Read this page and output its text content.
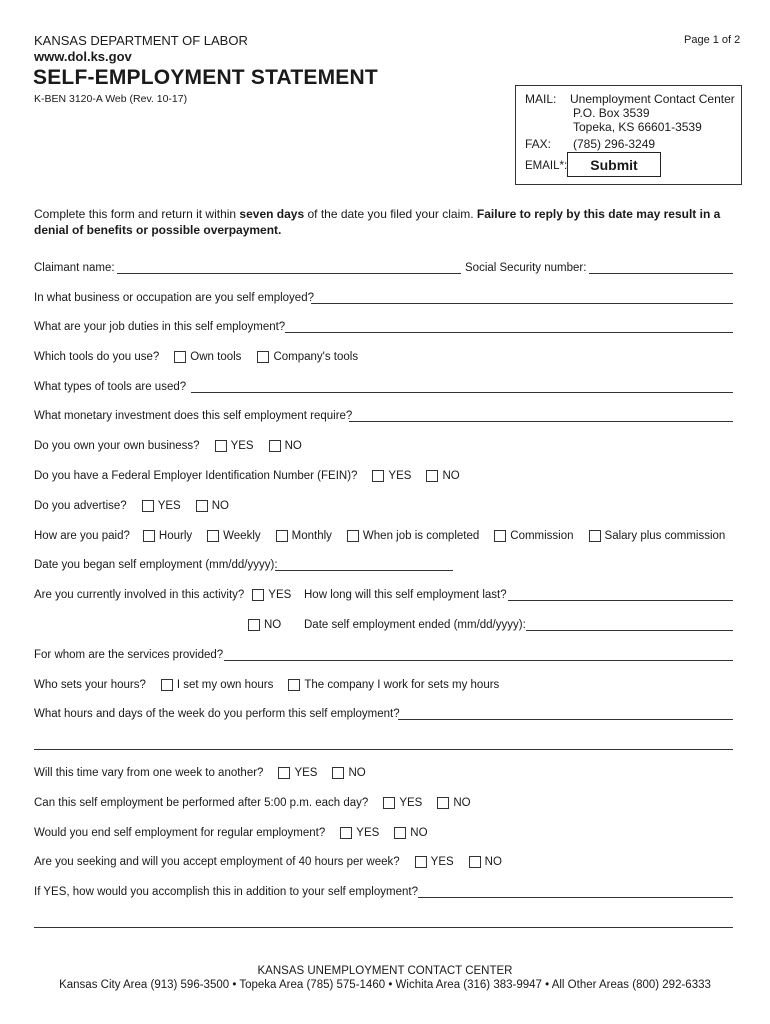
KANSAS DEPARTMENT OF LABOR
www.dol.ks.gov
SELF-EMPLOYMENT STATEMENT
K-BEN 3120-A Web (Rev. 10-17)
Page 1 of 2
MAIL: Unemployment Contact Center
P.O. Box 3539
Topeka, KS 66601-3539
FAX: (785) 296-3249
EMAIL*:	Submit
Complete this form and return it within seven days of the date you filed your claim. Failure to reply by this date may result in a denial of benefits or possible overpayment.
Claimant name:	Social Security number:
In what business or occupation are you self employed?
What are your job duties in this self employment?
Which tools do you use?	Own tools	Company's tools
What types of tools are used?
What monetary investment does this self employment require?
Do you own your own business?	YES	NO
Do you have a Federal Employer Identification Number (FEIN)?	YES	NO
Do you advertise?	YES	NO
How are you paid?	Hourly	Weekly	Monthly	When job is completed	Commission	Salary plus commission
Date you began self employment (mm/dd/yyyy):
Are you currently involved in this activity? YES How long will this self employment last?
NO Date self employment ended (mm/dd/yyyy):
For whom are the services provided?
Who sets your hours?	I set my own hours	The company I work for sets my hours
What hours and days of the week do you perform this self employment?
Will this time vary from one week to another?	YES	NO
Can this self employment be performed after 5:00 p.m. each day?	YES	NO
Would you end self employment for regular employment?	YES	NO
Are you seeking and will you accept employment of 40 hours per week?	YES	NO
If YES, how would you accomplish this in addition to your self employment?
KANSAS UNEMPLOYMENT CONTACT CENTER
Kansas City Area (913) 596-3500 • Topeka Area (785) 575-1460 • Wichita Area (316) 383-9947 • All Other Areas (800) 292-6333
